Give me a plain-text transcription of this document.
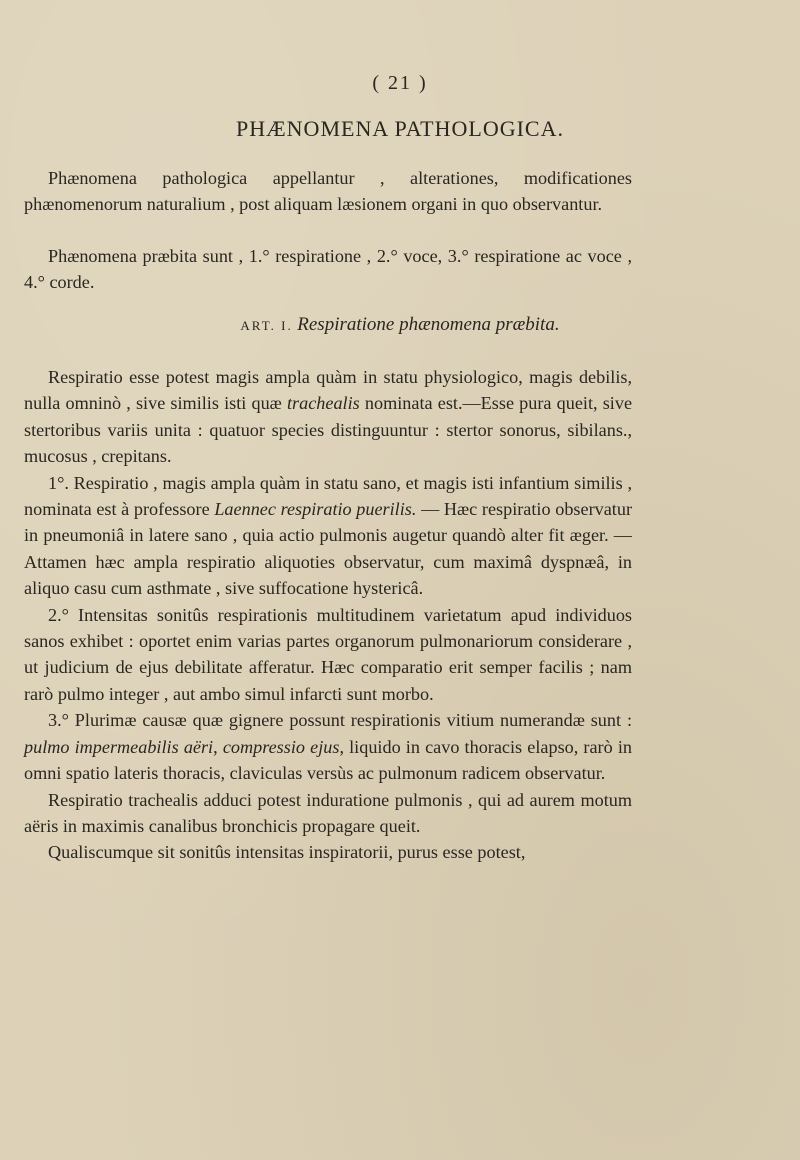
( 21 )
PHÆNOMENA PATHOLOGICA.

Phænomena pathologica appellantur , alterationes, modificationes phænomenorum naturalium , post aliquam læsionem organi in quo observantur.

Phænomena præbita sunt , 1.° respiratione , 2.° voce, 3.° respiratione ac voce , 4.° corde.

ART. I. Respiratione phænomena præbita.

Respiratio esse potest magis ampla quàm in statu physiologico, magis debilis, nulla omninò , sive similis isti quæ trachealis nominata est.—Esse pura queit, sive stertoribus variis unita : quatuor species distinguuntur : stertor sonorus, sibilans., mucosus , crepitans.

1°. Respiratio , magis ampla quàm in statu sano, et magis isti infantium similis , nominata est à professore Laennec respiratio puerilis. — Hæc respiratio observatur in pneumoniâ in latere sano , quia actio pulmonis augetur quandò alter fit æger. — Attamen hæc ampla respiratio aliquoties observatur, cum maximâ dyspnæâ, in aliquo casu cum asthmate , sive suffocatione hystericâ.

2.° Intensitas sonitûs respirationis multitudinem varietatum apud individuos sanos exhibet : oportet enim varias partes organorum pulmonariorum considerare , ut judicium de ejus debilitate afferatur. Hæc comparatio erit semper facilis ; nam rarò pulmo integer , aut ambo simul infarcti sunt morbo.

3.° Plurimæ causæ quæ gignere possunt respirationis vitium numerandæ sunt : pulmo impermeabilis aëri, compressio ejus, liquido in cavo thoracis elapso, rarò in omni spatio lateris thoracis, claviculas versùs ac pulmonum radicem observatur.

Respiratio trachealis adduci potest induratione pulmonis , qui ad aurem motum aëris in maximis canalibus bronchicis propagare queit.

Qualiscumque sit sonitûs intensitas inspiratorii, purus esse potest,
